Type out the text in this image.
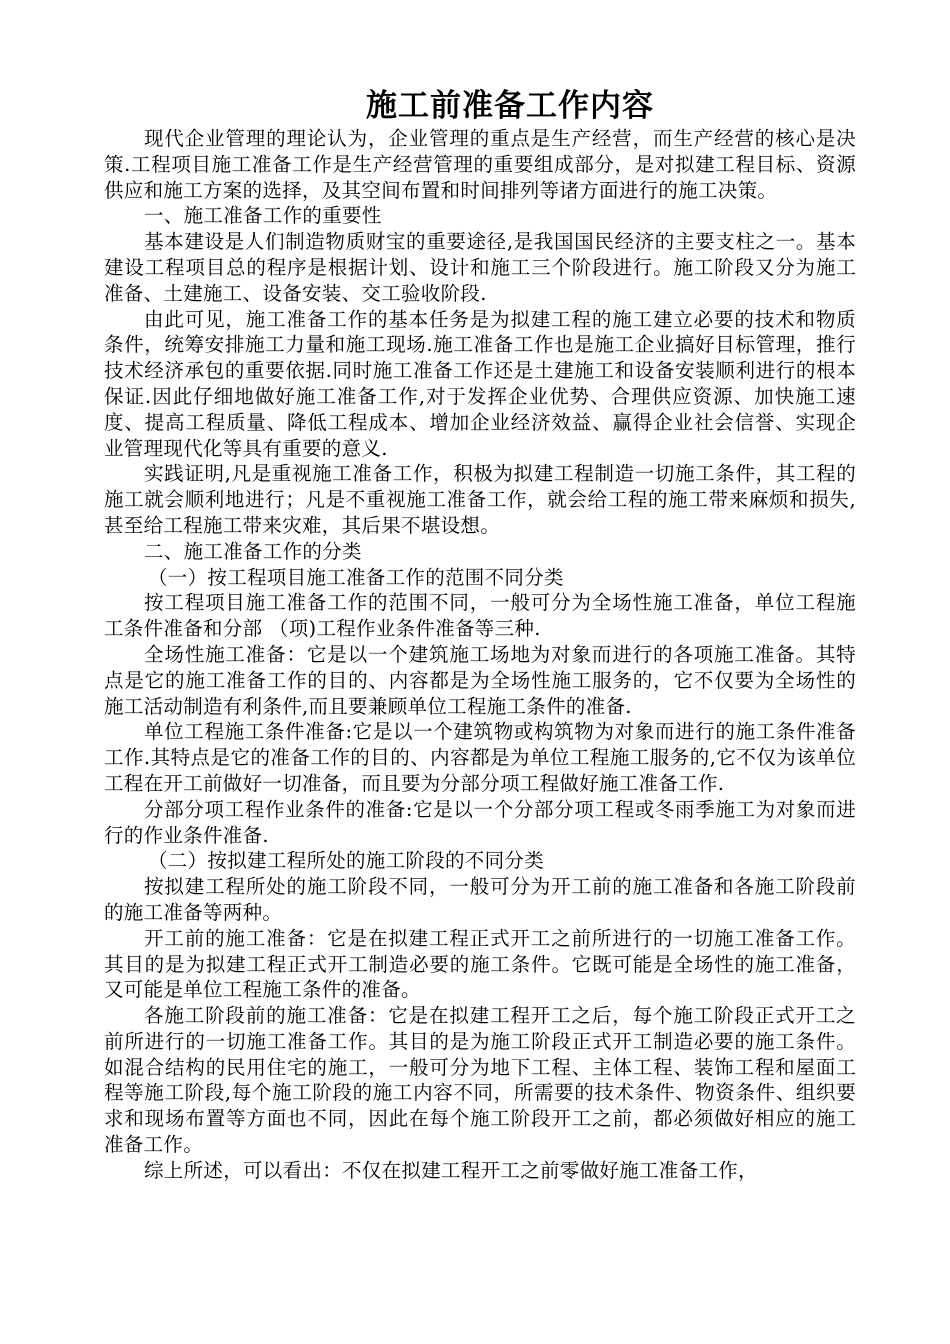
施工前准备工作内容

现代企业管理的理论认为，企业管理的重点是生产经营，而生产经营的核心是决策.工程项目施工准备工作是生产经营管理的重要组成部分，是对拟建工程目标、资源供应和施工方案的选择，及其空间布置和时间排列等诸方面进行的施工决策。

一、施工准备工作的重要性

基本建设是人们制造物质财宝的重要途径,是我国国民经济的主要支柱之一。基本建设工程项目总的程序是根据计划、设计和施工三个阶段进行。施工阶段又分为施工准备、土建施工、设备安装、交工验收阶段.

由此可见，施工准备工作的基本任务是为拟建工程的施工建立必要的技术和物质条件，统筹安排施工力量和施工现场.施工准备工作也是施工企业搞好目标管理，推行技术经济承包的重要依据.同时施工准备工作还是土建施工和设备安装顺利进行的根本保证.因此仔细地做好施工准备工作,对于发挥企业优势、合理供应资源、加快施工速度、提高工程质量、降低工程成本、增加企业经济效益、赢得企业社会信誉、实现企业管理现代化等具有重要的意义.

实践证明,凡是重视施工准备工作，积极为拟建工程制造一切施工条件，其工程的施工就会顺利地进行；凡是不重视施工准备工作，就会给工程的施工带来麻烦和损失,甚至给工程施工带来灾难，其后果不堪设想。

二、施工准备工作的分类

（一）按工程项目施工准备工作的范围不同分类

按工程项目施工准备工作的范围不同，一般可分为全场性施工准备，单位工程施工条件准备和分部 （项)工程作业条件准备等三种.

全场性施工准备：它是以一个建筑施工场地为对象而进行的各项施工准备。其特点是它的施工准备工作的目的、内容都是为全场性施工服务的，它不仅要为全场性的施工活动制造有利条件,而且要兼顾单位工程施工条件的准备.

单位工程施工条件准备:它是以一个建筑物或构筑物为对象而进行的施工条件准备工作.其特点是它的准备工作的目的、内容都是为单位工程施工服务的,它不仅为该单位工程在开工前做好一切准备，而且要为分部分项工程做好施工准备工作.

分部分项工程作业条件的准备:它是以一个分部分项工程或冬雨季施工为对象而进行的作业条件准备.

（二）按拟建工程所处的施工阶段的不同分类

按拟建工程所处的施工阶段不同，一般可分为开工前的施工准备和各施工阶段前的施工准备等两种。

开工前的施工准备：它是在拟建工程正式开工之前所进行的一切施工准备工作。其目的是为拟建工程正式开工制造必要的施工条件。它既可能是全场性的施工准备，又可能是单位工程施工条件的准备。

各施工阶段前的施工准备：它是在拟建工程开工之后，每个施工阶段正式开工之前所进行的一切施工准备工作。其目的是为施工阶段正式开工制造必要的施工条件。如混合结构的民用住宅的施工，一般可分为地下工程、主体工程、装饰工程和屋面工程等施工阶段,每个施工阶段的施工内容不同，所需要的技术条件、物资条件、组织要求和现场布置等方面也不同，因此在每个施工阶段开工之前，都必须做好相应的施工准备工作。

综上所述，可以看出：不仅在拟建工程开工之前零做好施工准备工作，
